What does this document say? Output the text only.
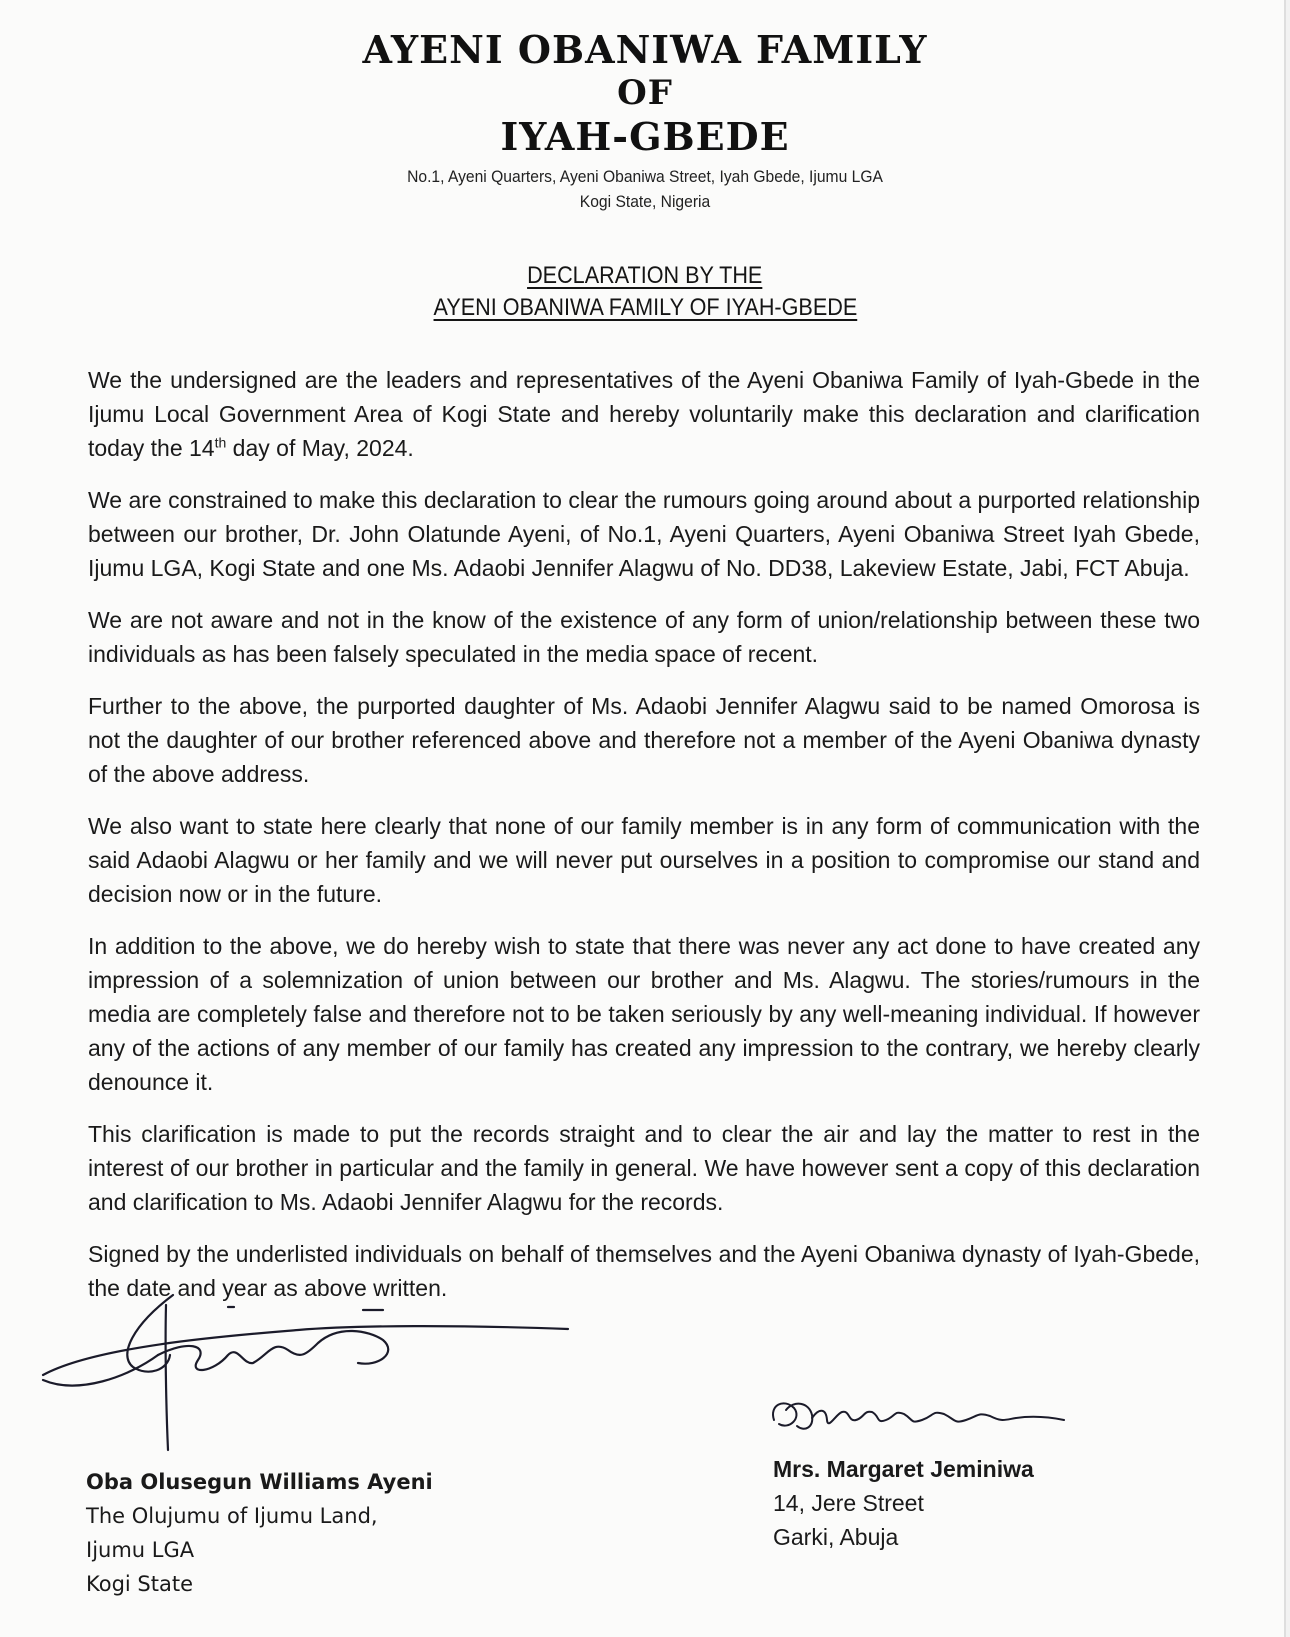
AYENI OBANIWA FAMILY
OF
IYAH-GBEDE
No.1, Ayeni Quarters, Ayeni Obaniwa Street, Iyah Gbede, Ijumu LGA
Kogi State, Nigeria
DECLARATION BY THE
AYENI OBANIWA FAMILY OF IYAH-GBEDE

We the undersigned are the leaders and representatives of the Ayeni Obaniwa Family of Iyah-Gbede in the Ijumu Local Government Area of Kogi State and hereby voluntarily make this declaration and clarification today the 14th day of May, 2024.

We are constrained to make this declaration to clear the rumours going around about a purported relationship between our brother, Dr. John Olatunde Ayeni, of No.1, Ayeni Quarters, Ayeni Obaniwa Street Iyah Gbede, Ijumu LGA, Kogi State and one Ms. Adaobi Jennifer Alagwu of No. DD38, Lakeview Estate, Jabi, FCT Abuja.

We are not aware and not in the know of the existence of any form of union/relationship between these two individuals as has been falsely speculated in the media space of recent.

Further to the above, the purported daughter of Ms. Adaobi Jennifer Alagwu said to be named Omorosa is not the daughter of our brother referenced above and therefore not a member of the Ayeni Obaniwa dynasty of the above address.

We also want to state here clearly that none of our family member is in any form of communication with the said Adaobi Alagwu or her family and we will never put ourselves in a position to compromise our stand and decision now or in the future.

In addition to the above, we do hereby wish to state that there was never any act done to have created any impression of a solemnization of union between our brother and Ms. Alagwu. The stories/rumours in the media are completely false and therefore not to be taken seriously by any well-meaning individual. If however any of the actions of any member of our family has created any impression to the contrary, we hereby clearly denounce it.

This clarification is made to put the records straight and to clear the air and lay the matter to rest in the interest of our brother in particular and the family in general. We have however sent a copy of this declaration and clarification to Ms. Adaobi Jennifer Alagwu for the records.

Signed by the underlisted individuals on behalf of themselves and the Ayeni Obaniwa dynasty of Iyah-Gbede, the date and year as above written.

Oba Olusegun Williams Ayeni
The Olujumu of Ijumu Land,
Ijumu LGA
Kogi State
Mrs. Margaret Jeminiwa
14, Jere Street
Garki, Abuja
